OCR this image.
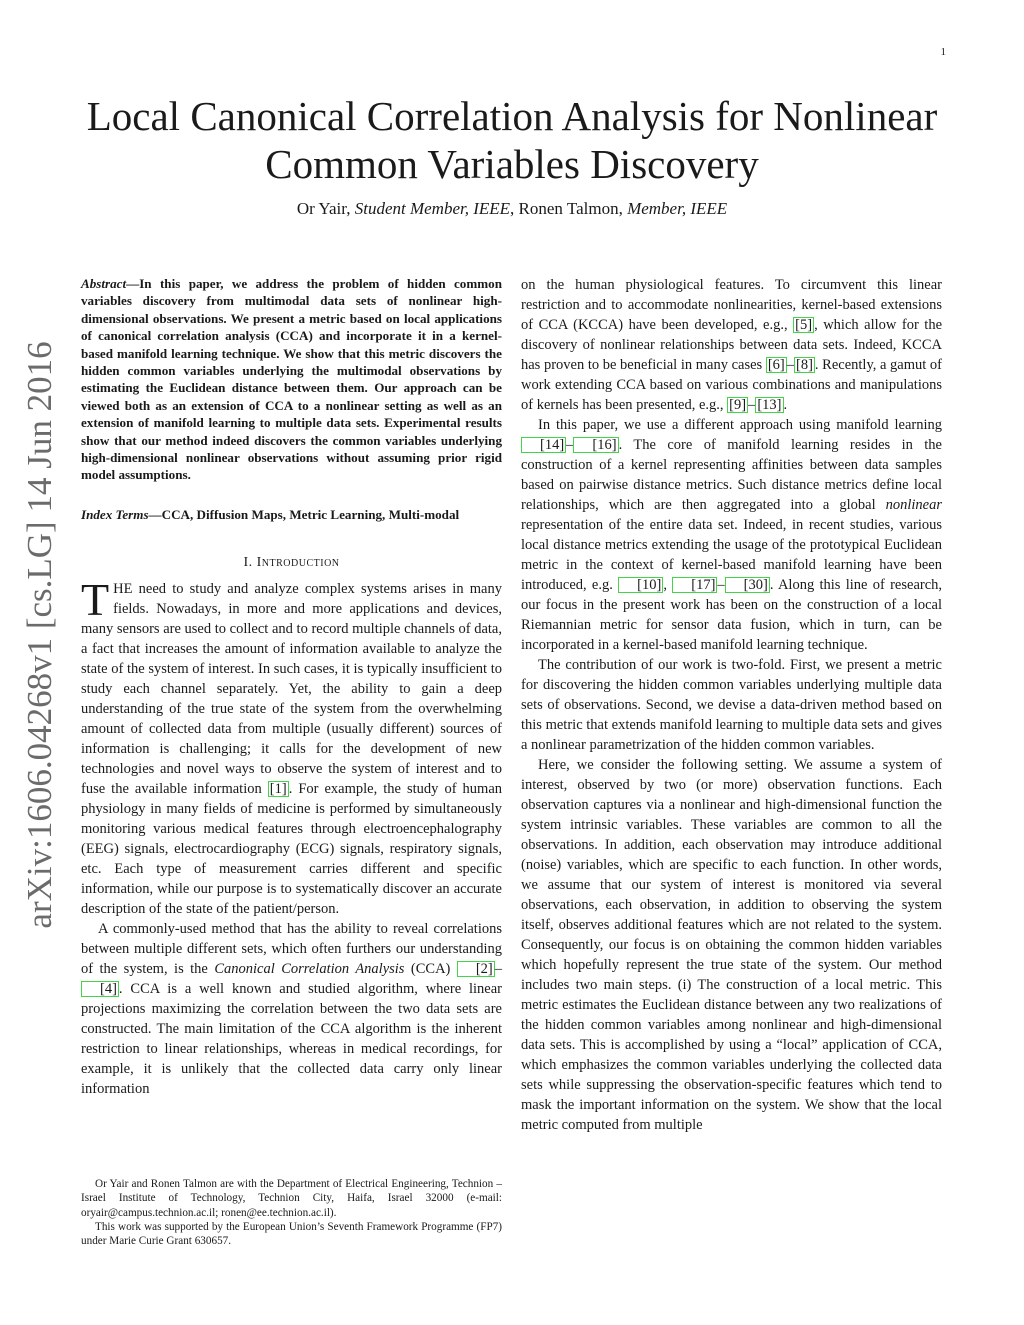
1
arXiv:1606.04268v1 [cs.LG] 14 Jun 2016
Local Canonical Correlation Analysis for Nonlinear
Common Variables Discovery
Or Yair, Student Member, IEEE, Ronen Talmon, Member, IEEE

Abstract—In this paper, we address the problem of hidden common variables discovery from multimodal data sets of nonlinear high-dimensional observations. We present a metric based on local applications of canonical correlation analysis (CCA) and incorporate it in a kernel-based manifold learning technique. We show that this metric discovers the hidden common variables underlying the multimodal observations by estimating the Euclidean distance between them. Our approach can be viewed both as an extension of CCA to a nonlinear setting as well as an extension of manifold learning to multiple data sets. Experimental results show that our method indeed discovers the common variables underlying high-dimensional nonlinear observations without assuming prior rigid model assumptions.

Index Terms—CCA, Diffusion Maps, Metric Learning, Multi-modal

I. Introduction

THE need to study and analyze complex systems arises in many fields. Nowadays, in more and more applications and devices, many sensors are used to collect and to record multiple channels of data, a fact that increases the amount of information available to analyze the state of the system of interest. In such cases, it is typically insufficient to study each channel separately. Yet, the ability to gain a deep understanding of the true state of the system from the overwhelming amount of collected data from multiple (usually different) sources of information is challenging; it calls for the development of new technologies and novel ways to observe the system of interest and to fuse the available information [1] . For example, the study of human physiology in many fields of medicine is performed by simultaneously monitoring various medical features through electroencephalography (EEG) signals, electrocardiography (ECG) signals, respiratory signals, etc. Each type of measurement carries different and specific information, while our purpose is to systematically discover an accurate description of the state of the patient/person.

A commonly-used method that has the ability to reveal correlations between multiple different sets, which often furthers our understanding of the system, is the Canonical Correlation Analysis (CCA) [2] –[4] . CCA is a well known and studied algorithm, where linear projections maximizing the correlation between the two data sets are constructed. The main limitation of the CCA algorithm is the inherent restriction to linear relationships, whereas in medical recordings, for example, it is unlikely that the collected data carry only linear information

on the human physiological features. To circumvent this linear restriction and to accommodate nonlinearities, kernel-based extensions of CCA (KCCA) have been developed, e.g., [5] , which allow for the discovery of nonlinear relationships between data sets. Indeed, KCCA has proven to be beneficial in many cases [6] – [8] . Recently, a gamut of work extending CCA based on various combinations and manipulations of kernels has been presented, e.g., [9] – [13] .

In this paper, we use a different approach using manifold learning [14] – [16] . The core of manifold learning resides in the construction of a kernel representing affinities between data samples based on pairwise distance metrics. Such distance metrics define local relationships, which are then aggregated into a global nonlinear representation of the entire data set. Indeed, in recent studies, various local distance metrics extending the usage of the prototypical Euclidean metric in the context of kernel-based manifold learning have been introduced, e.g. [10] , [17] – [30] . Along this line of research, our focus in the present work has been on the construction of a local Riemannian metric for sensor data fusion, which in turn, can be incorporated in a kernel-based manifold learning technique.

The contribution of our work is two-fold. First, we present a metric for discovering the hidden common variables underlying multiple data sets of observations. Second, we devise a data-driven method based on this metric that extends manifold learning to multiple data sets and gives a nonlinear parametrization of the hidden common variables.

Here, we consider the following setting. We assume a system of interest, observed by two (or more) observation functions. Each observation captures via a nonlinear and high-dimensional function the system intrinsic variables. These variables are common to all the observations. In addition, each observation may introduce additional (noise) variables, which are specific to each function. In other words, we assume that our system of interest is monitored via several observations, each observation, in addition to observing the system itself, observes additional features which are not related to the system. Consequently, our focus is on obtaining the common hidden variables which hopefully represent the true state of the system. Our method includes two main steps. (i) The construction of a local metric. This metric estimates the Euclidean distance between any two realizations of the hidden common variables among nonlinear and high-dimensional data sets. This is accomplished by using a “local” application of CCA, which emphasizes the common variables underlying the collected data sets while suppressing the observation-specific features which tend to mask the important information on the system. We show that the local metric computed from multiple

Or Yair and Ronen Talmon are with the Department of Electrical Engineering, Technion – Israel Institute of Technology, Technion City, Haifa, Israel 32000 (e-mail: oryair@campus.technion.ac.il; ronen@ee.technion.ac.il).

This work was supported by the European Union’s Seventh Framework Programme (FP7) under Marie Curie Grant 630657.
